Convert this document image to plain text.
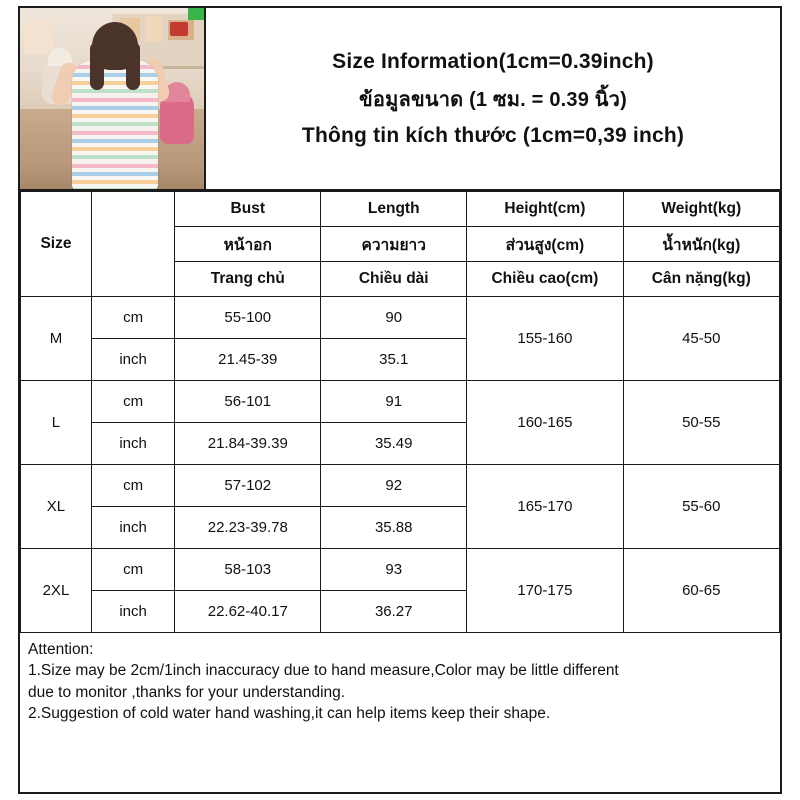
Size Information(1cm=0.39inch)
ข้อมูลขนาด (1 ซม. = 0.39 นิ้ว)
Thông tin kích thước (1cm=0,39 inch)
Size		Bust	Length	Height(cm)	Weight(kg)
		หน้าอก	ความยาว	ส่วนสูง(cm)	น้ำหนัก(kg)
		Trang chủ	Chiều dài	Chiều cao(cm)	Cân nặng(kg)
M	cm	55-100	90	155-160	45-50
	inch	21.45-39	35.1		
L	cm	56-101	91	160-165	50-55
	inch	21.84-39.39	35.49		
XL	cm	57-102	92	165-170	55-60
	inch	22.23-39.78	35.88		
2XL	cm	58-103	93	170-175	60-65
	inch	22.62-40.17	36.27		
Attention:
1.Size may be 2cm/1inch inaccuracy due to hand measure,Color may be little different
due to monitor ,thanks for your understanding.
2.Suggestion of cold water hand washing,it can help items keep their shape.
